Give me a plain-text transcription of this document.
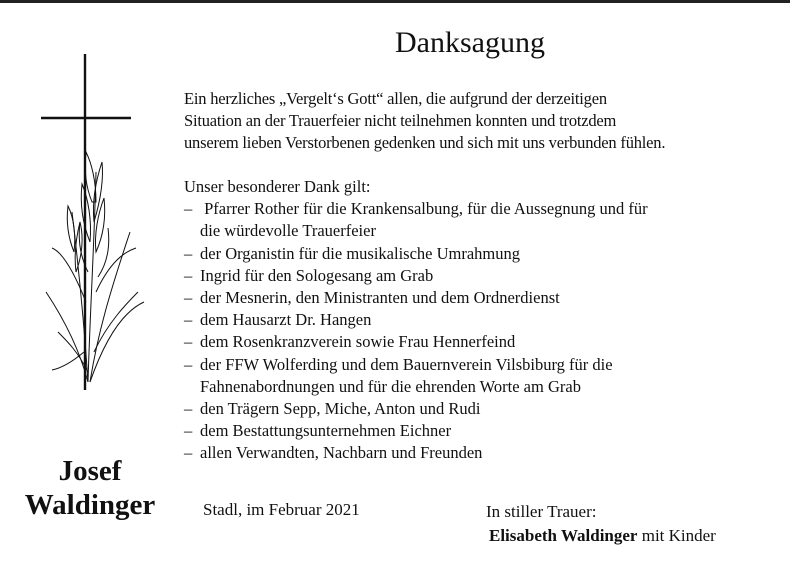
Danksagung
Ein herzliches „Vergelt‘s Gott“ allen, die aufgrund der derzeitigen
Situation an der Trauerfeier nicht teilnehmen konnten und trotzdem
unserem lieben Verstorbenen gedenken und sich mit uns verbunden fühlen.
Unser besonderer Dank gilt:
– Pfarrer Rother für die Krankensalbung, für die Aussegnung und für
die würdevolle Trauerfeier
– der Organistin für die musikalische Umrahmung
– Ingrid für den Sologesang am Grab
– der Mesnerin, den Ministranten und dem Ordnerdienst
– dem Hausarzt Dr. Hangen
– dem Rosenkranzverein sowie Frau Hennerfeind
– der FFW Wolferding und dem Bauernverein Vilsbiburg für die
Fahnenabordnungen und für die ehrenden Worte am Grab
– den Trägern Sepp, Miche, Anton und Rudi
– dem Bestattungsunternehmen Eichner
– allen Verwandten, Nachbarn und Freunden
Josef
Waldinger	Stadl, im Februar 2021	In stiller Trauer:
Elisabeth Waldinger mit Kinder
